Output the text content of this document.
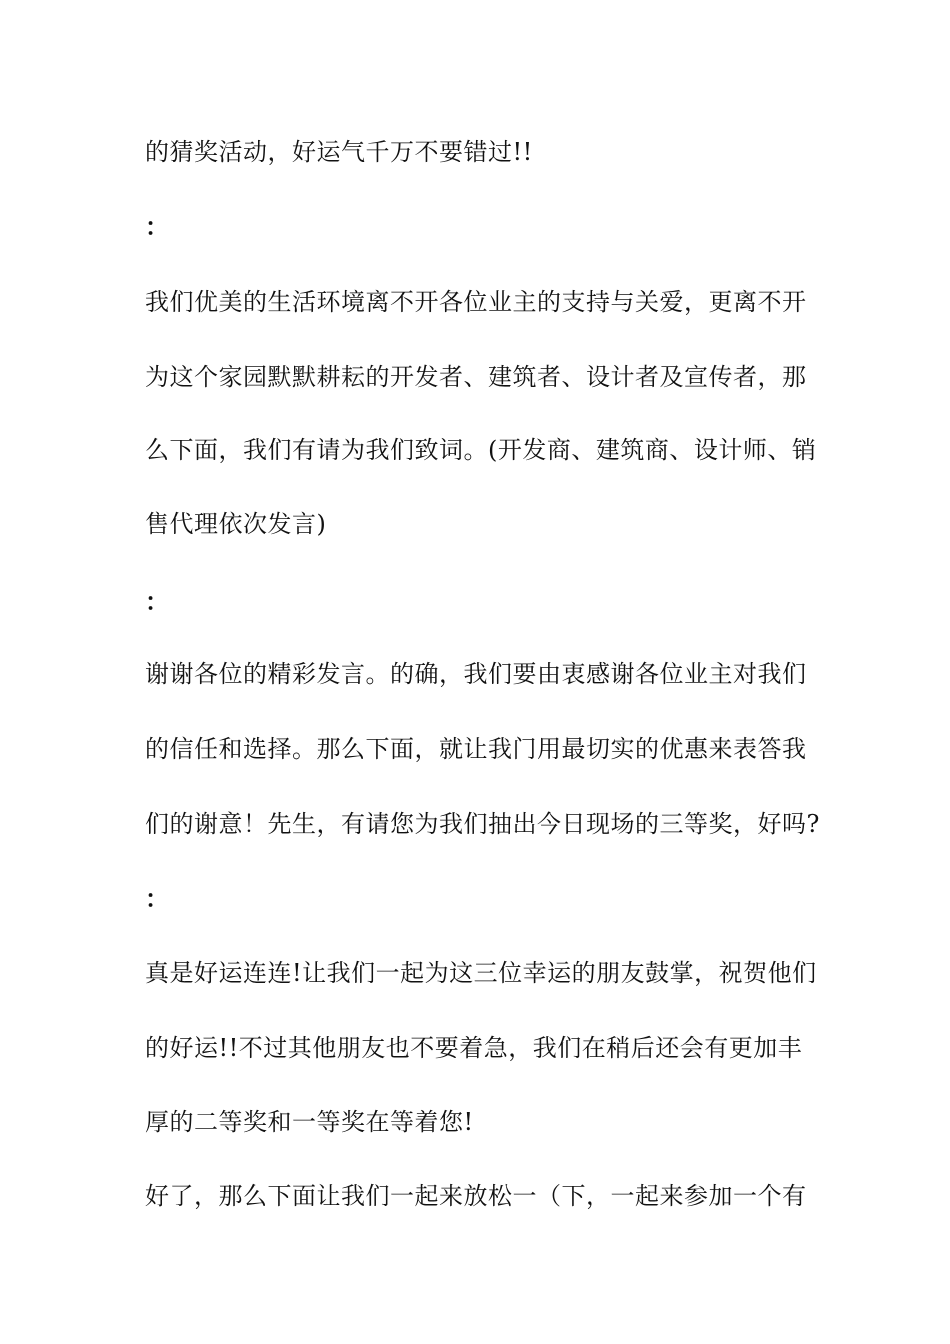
的猜奖活动，好运气千万不要错过!!
：
我们优美的生活环境离不开各位业主的支持与关爱，更离不开
为这个家园默默耕耘的开发者、建筑者、设计者及宣传者，那
么下面，我们有请为我们致词。(开发商、建筑商、设计师、销
售代理依次发言)
：
谢谢各位的精彩发言。的确，我们要由衷感谢各位业主对我们
的信任和选择。那么下面，就让我门用最切实的优惠来表答我
们的谢意！先生，有请您为我们抽出今日现场的三等奖，好吗?
：
真是好运连连!让我们一起为这三位幸运的朋友鼓掌，祝贺他们
的好运!!不过其他朋友也不要着急，我们在稍后还会有更加丰
厚的二等奖和一等奖在等着您!
好了，那么下面让我们一起来放松一（下，一起来参加一个有
